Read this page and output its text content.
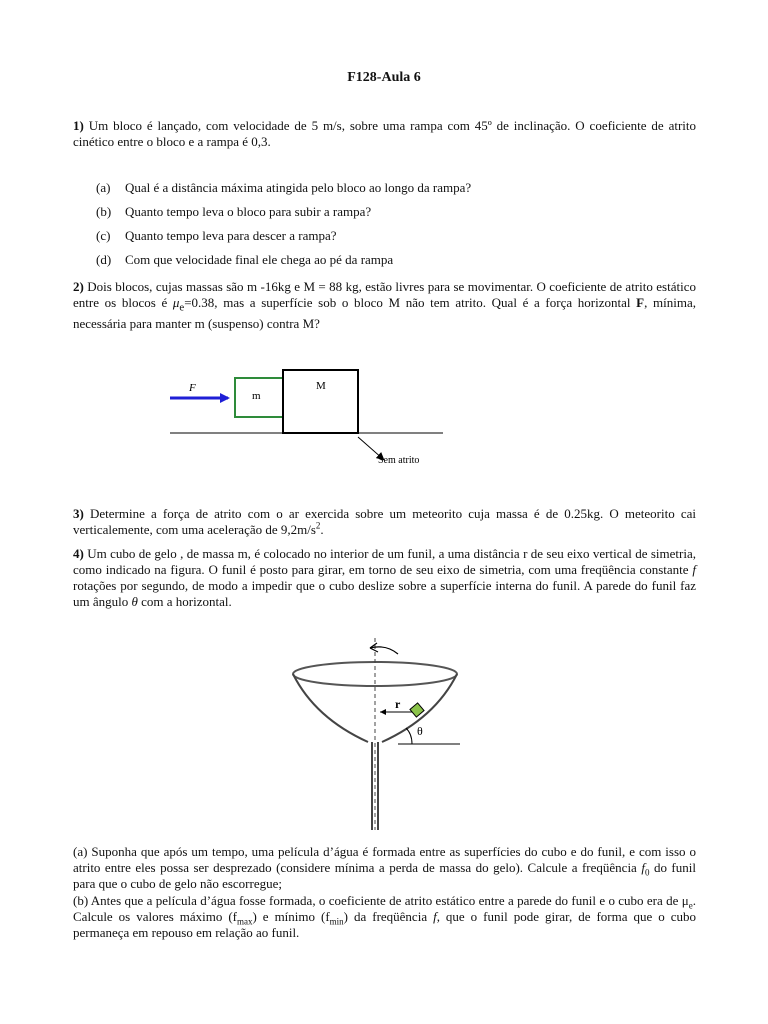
F128-Aula 6
1) Um bloco é lançado, com velocidade de 5 m/s, sobre uma rampa com 45º de inclinação. O coeficiente de atrito cinético entre o bloco e a rampa é 0,3.
(a) Qual é a distância máxima atingida pelo bloco ao longo da rampa?
(b) Quanto tempo leva o bloco para subir a rampa?
(c) Quanto tempo leva para descer a rampa?
(d) Com que velocidade final ele chega ao pé da rampa
2) Dois blocos, cujas massas são m -16kg e M = 88 kg, estão livres para se movimentar. O coeficiente de atrito estático entre os blocos é $\mu_e=0.38$, mas a superfície sob o bloco M não tem atrito. Qual é a força horizontal F, mínima, necessária para manter m (suspenso) contra M?
F
m
M
Sem atrito
3) Determine a força de atrito com o ar exercida sobre um meteorito cuja massa é de 0.25kg. O meteorito cai verticalemente, com uma aceleração de $9,2m/s^2$.
4) Um cubo de gelo , de massa m, é colocado no interior de um funil, a uma distância r de seu eixo vertical de simetria, como indicado na figura. O funil é posto para girar, em torno de seu eixo de simetria, com uma freqüência constante f rotações por segundo, de modo a impedir que o cubo deslize sobre a superfície interna do funil. A parede do funil faz um ângulo θ com a horizontal.
r
θ
(a) Suponha que após um tempo, uma película d’água é formada entre as superfícies do cubo e do funil, e com isso o atrito entre eles possa ser desprezado (considere mínima a perda de massa do gelo). Calcule a freqüência $f_0$ do funil para que o cubo de gelo não escorregue;
(b) Antes que a película d’água fosse formada, o coeficiente de atrito estático entre a parede do funil e o cubo era de $\mu_e$. Calcule os valores máximo $(f_{max})$ e mínimo $(f_{min})$ da freqüência f, que o funil pode girar, de forma que o cubo permaneça em repouso em relação ao funil.
